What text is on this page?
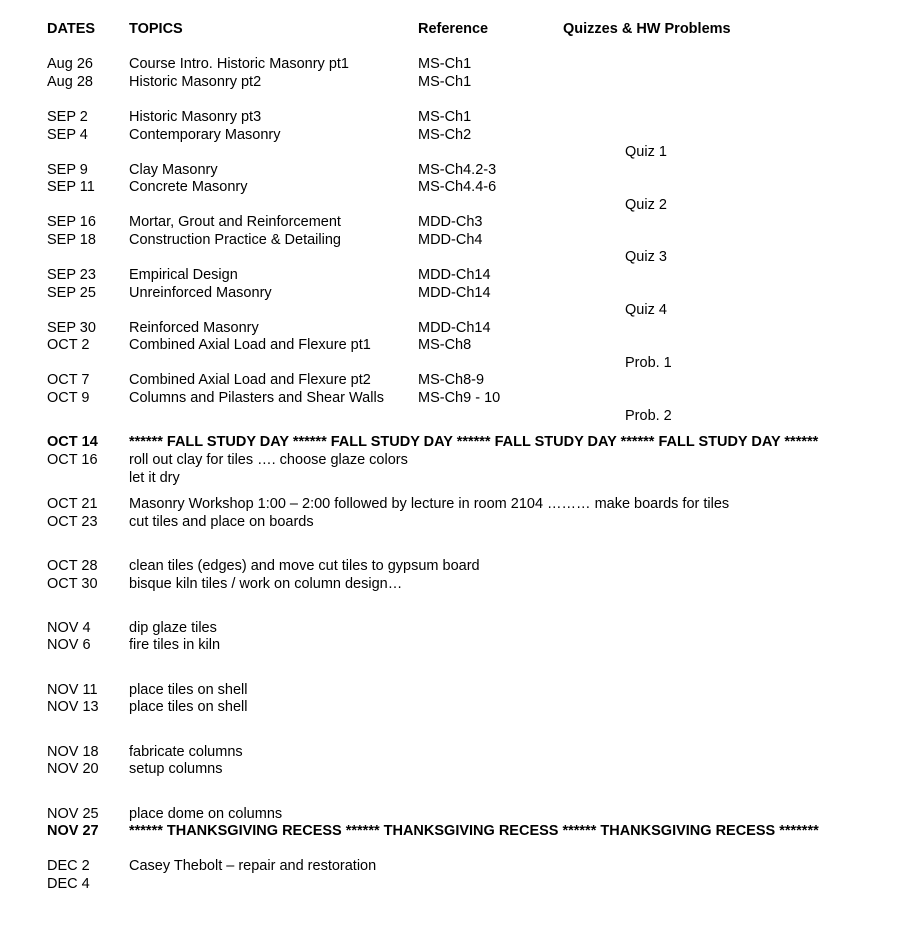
DATES TOPICS	Reference	Quizzes & HW Problems
Aug 26 Course Intro. Historic Masonry pt1	MS-Ch1
Aug 28 Historic Masonry pt2	MS-Ch1
SEP 2	Historic Masonry pt3	MS-Ch1
SEP 4	Contemporary Masonry	MS-Ch2
Quiz 1
SEP 9	Clay Masonry	MS-Ch4.2-3
SEP 11 Concrete Masonry	MS-Ch4.4-6
Quiz 2
SEP 16 Mortar, Grout and Reinforcement	MDD-Ch3
SEP 18 Construction Practice & Detailing	MDD-Ch4
Quiz 3
SEP 23 Empirical Design	MDD-Ch14
SEP 25 Unreinforced Masonry	MDD-Ch14
Quiz 4
SEP 30 Reinforced Masonry	MDD-Ch14
OCT 2	Combined Axial Load and Flexure pt1	MS-Ch8
Prob. 1
OCT 7	Combined Axial Load and Flexure pt2	MS-Ch8-9
OCT 9	Columns and Pilasters and Shear Walls MS-Ch9 - 10
Prob. 2
OCT 14 ****** FALL STUDY DAY ****** FALL STUDY DAY ****** FALL STUDY DAY ****** FALL STUDY DAY ******
OCT 16 roll out clay for tiles …. choose glaze colors
let it dry
OCT 21 Masonry Workshop 1:00 – 2:00 followed by lecture in room 2104 ……… make boards for tiles
OCT 23 cut tiles and place on boards
OCT 28 clean tiles (edges) and move cut tiles to gypsum board
OCT 30 bisque kiln tiles / work on column design…
NOV 4	dip glaze tiles
NOV 6	fire tiles in kiln
NOV 11 place tiles on shell
NOV 13 place tiles on shell
NOV 18 fabricate columns
NOV 20 setup columns
NOV 25 place dome on columns
NOV 27 ****** THANKSGIVING RECESS ****** THANKSGIVING RECESS ****** THANKSGIVING RECESS *******
DEC 2	Casey Thebolt – repair and restoration
DEC 4
